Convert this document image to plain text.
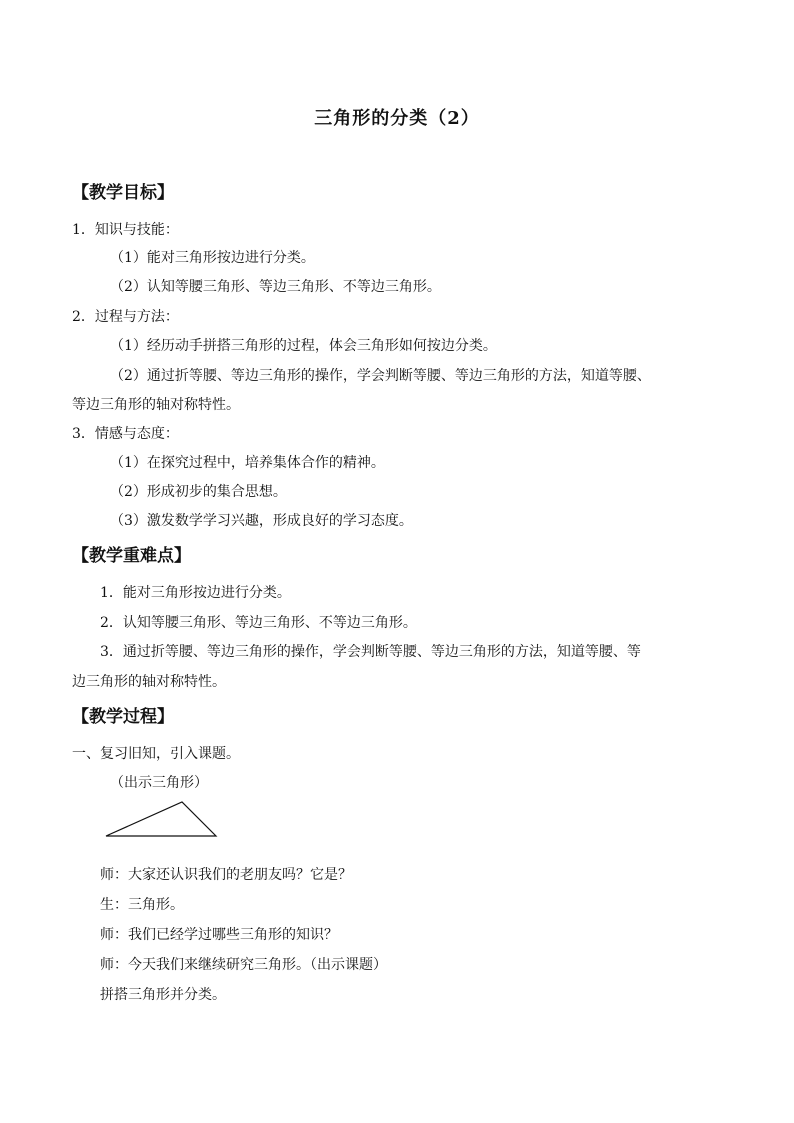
三角形的分类（2）
【教学目标】
1．知识与技能：
（1）能对三角形按边进行分类。
（2）认知等腰三角形、等边三角形、不等边三角形。
2．过程与方法：
（1）经历动手拼搭三角形的过程，体会三角形如何按边分类。
（2）通过折等腰、等边三角形的操作，学会判断等腰、等边三角形的方法，知道等腰、
等边三角形的轴对称特性。
3．情感与态度：
（1）在探究过程中，培养集体合作的精神。
（2）形成初步的集合思想。
（3）激发数学学习兴趣，形成良好的学习态度。
【教学重难点】
1．能对三角形按边进行分类。
2．认知等腰三角形、等边三角形、不等边三角形。
3．通过折等腰、等边三角形的操作，学会判断等腰、等边三角形的方法，知道等腰、等
边三角形的轴对称特性。
【教学过程】
一、复习旧知，引入课题。
（出示三角形）
师：大家还认识我们的老朋友吗？它是？
生：三角形。
师：我们已经学过哪些三角形的知识？
师：今天我们来继续研究三角形。（出示课题）
拼搭三角形并分类。
